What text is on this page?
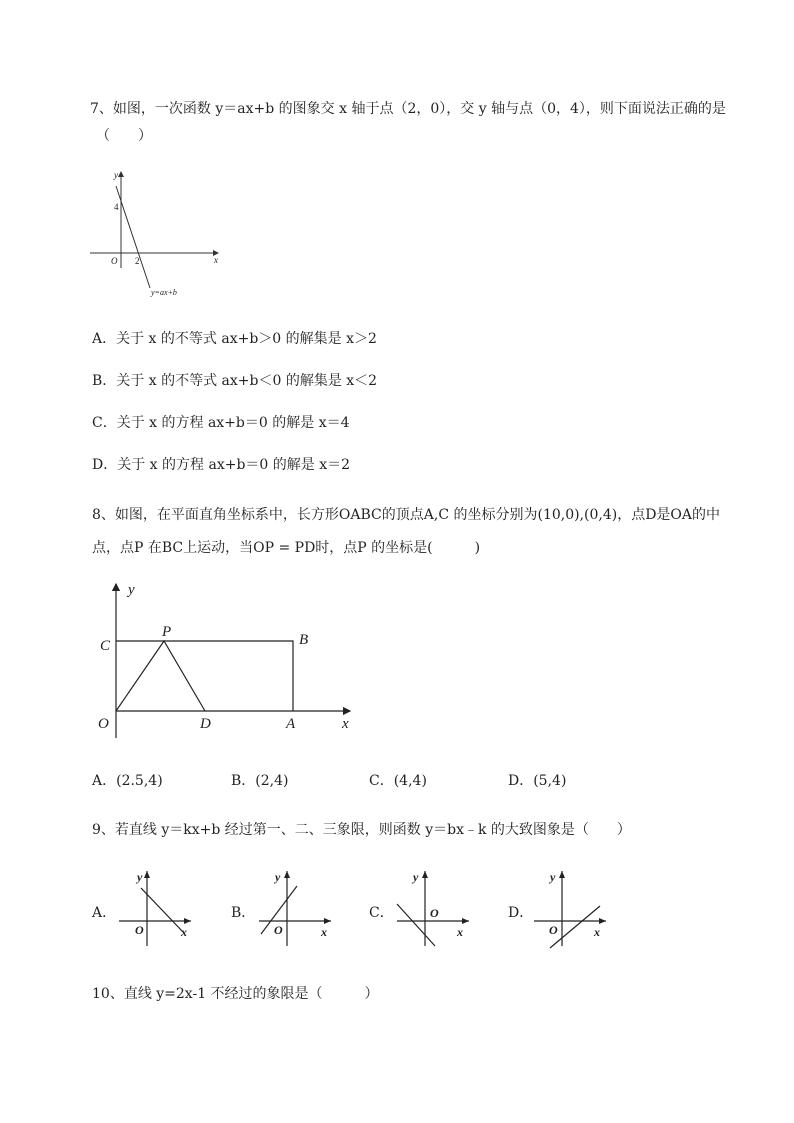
7、如图，一次函数 y＝ax+b 的图象交 x 轴于点（2，0），交 y 轴与点（0，4），则下面说法正确的是
（　　）
y
x
O
4
2
y=ax+b
A．关于 x 的不等式 ax+b＞0 的解集是 x＞2
B．关于 x 的不等式 ax+b＜0 的解集是 x＜2
C．关于 x 的方程 ax+b＝0 的解是 x＝4
D．关于 x 的方程 ax+b＝0 的解是 x＝2
8、如图，在平面直角坐标系中，长方形OABC的顶点A,C 的坐标分别为(10,0),(0,4)，点D是OA的中
点，点P 在BC上运动，当OP = PD时，点P 的坐标是(　　　)
y
x
O
C
P	B
D	A
A．(2.5,4)	B．(2,4)	C．(4,4)	D．(5,4)
9、若直线 y＝kx+b 经过第一、二、三象限，则函数 y＝bx﹣k 的大致图象是（　　）
A．
y
x
O
B．
y
x
O
C．
y
x
O	D．
y
x
O
10、直线 y=2x-1 不经过的象限是（　　　）
